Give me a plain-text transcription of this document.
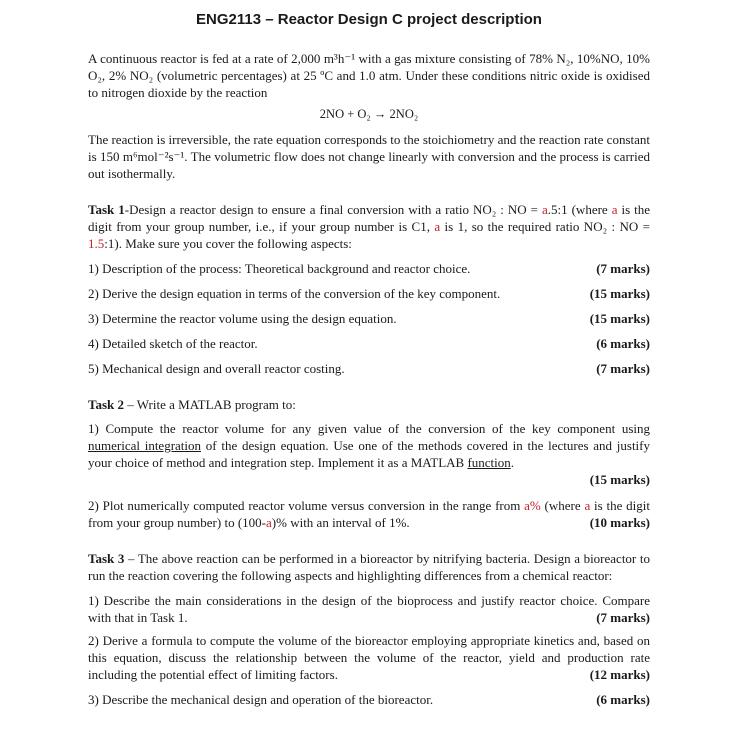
ENG2113 – Reactor Design C project description

A continuous reactor is fed at a rate of 2,000 m³h⁻¹ with a gas mixture consisting of 78% N₂, 10%NO, 10% O₂, 2% NO₂ (volumetric percentages) at 25 ºC and 1.0 atm. Under these conditions nitric oxide is oxidised to nitrogen dioxide by the reaction

2NO + O₂ → 2NO₂

The reaction is irreversible, the rate equation corresponds to the stoichiometry and the reaction rate constant is 150 m⁶mol⁻²s⁻¹. The volumetric flow does not change linearly with conversion and the process is carried out isothermally.

Task 1-Design a reactor design to ensure a final conversion with a ratio NO₂ : NO = a.5:1 (where a is the digit from your group number, i.e., if your group number is C1, a is 1, so the required ratio NO₂ : NO = 1.5:1). Make sure you cover the following aspects:

1) Description of the process: Theoretical background and reactor choice.	(7 marks)
2) Derive the design equation in terms of the conversion of the key component.	(15 marks)
3) Determine the reactor volume using the design equation.	(15 marks)
4) Detailed sketch of the reactor.	(6 marks)
5) Mechanical design and overall reactor costing.	(7 marks)

Task 2 – Write a MATLAB program to:

1) Compute the reactor volume for any given value of the conversion of the key component using numerical integration of the design equation. Use one of the methods covered in the lectures and justify your choice of method and integration step. Implement it as a MATLAB function.

(15 marks)

2) Plot numerically computed reactor volume versus conversion in the range from a% (where a is the digit from your group number) to (100-a)% with an interval of 1%.	(10 marks)

Task 3 – The above reaction can be performed in a bioreactor by nitrifying bacteria. Design a bioreactor to run the reaction covering the following aspects and highlighting differences from a chemical reactor:

1) Describe the main considerations in the design of the bioprocess and justify reactor choice. Compare with that in Task 1.	(7 marks)

2) Derive a formula to compute the volume of the bioreactor employing appropriate kinetics and, based on this equation, discuss the relationship between the volume of the reactor, yield and production rate including the potential effect of limiting factors.	(12 marks)

3) Describe the mechanical design and operation of the bioreactor.	(6 marks)
